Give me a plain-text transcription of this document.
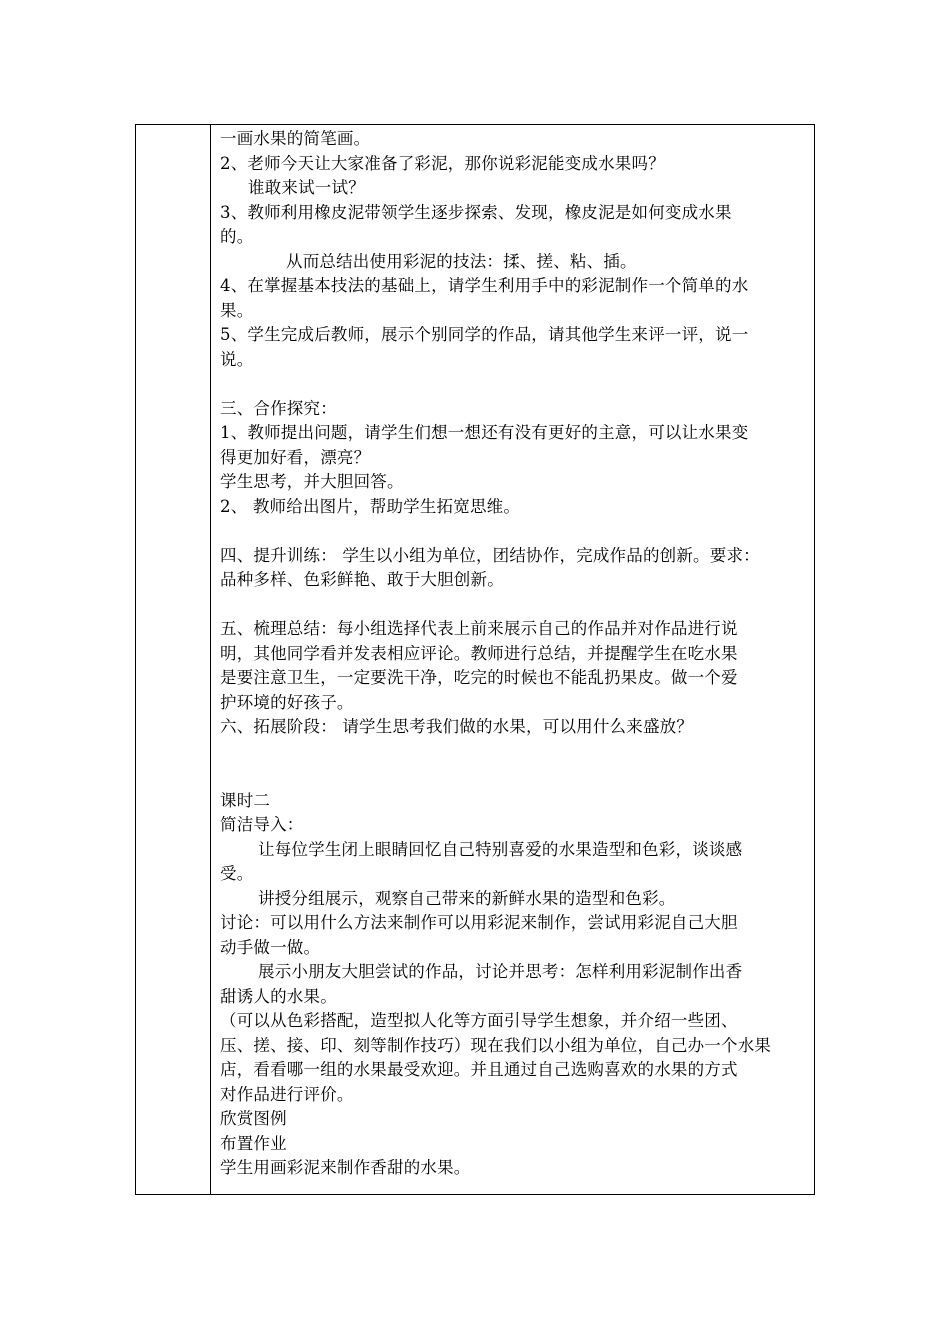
一画水果的简笔画。
2、老师今天让大家准备了彩泥，那你说彩泥能变成水果吗？
谁敢来试一试？
3、教师利用橡皮泥带领学生逐步探索、发现，橡皮泥是如何变成水果
的。
从而总结出使用彩泥的技法：揉、搓、粘、插。
4、在掌握基本技法的基础上，请学生利用手中的彩泥制作一个简单的水
果。
5、学生完成后教师，展示个别同学的作品，请其他学生来评一评，说一
说。
三、合作探究：
1、教师提出问题，请学生们想一想还有没有更好的主意，可以让水果变
得更加好看，漂亮？
学生思考，并大胆回答。
2、 教师给出图片，帮助学生拓宽思维。
四、提升训练： 学生以小组为单位，团结协作，完成作品的创新。要求：
品种多样、色彩鲜艳、敢于大胆创新。
五、梳理总结：每小组选择代表上前来展示自己的作品并对作品进行说
明，其他同学看并发表相应评论。教师进行总结，并提醒学生在吃水果
是要注意卫生，一定要洗干净，吃完的时候也不能乱扔果皮。做一个爱
护环境的好孩子。
六、拓展阶段： 请学生思考我们做的水果，可以用什么来盛放？
课时二
简洁导入：
让每位学生闭上眼睛回忆自己特别喜爱的水果造型和色彩，谈谈感
受。
讲授分组展示，观察自己带来的新鲜水果的造型和色彩。
讨论：可以用什么方法来制作可以用彩泥来制作，尝试用彩泥自己大胆
动手做一做。
展示小朋友大胆尝试的作品，讨论并思考：怎样利用彩泥制作出香
甜诱人的水果。
（可以从色彩搭配，造型拟人化等方面引导学生想象，并介绍一些团、
压、搓、接、印、刻等制作技巧）现在我们以小组为单位，自己办一个水果
店，看看哪一组的水果最受欢迎。并且通过自己选购喜欢的水果的方式
对作品进行评价。
欣赏图例
布置作业
学生用画彩泥来制作香甜的水果。
